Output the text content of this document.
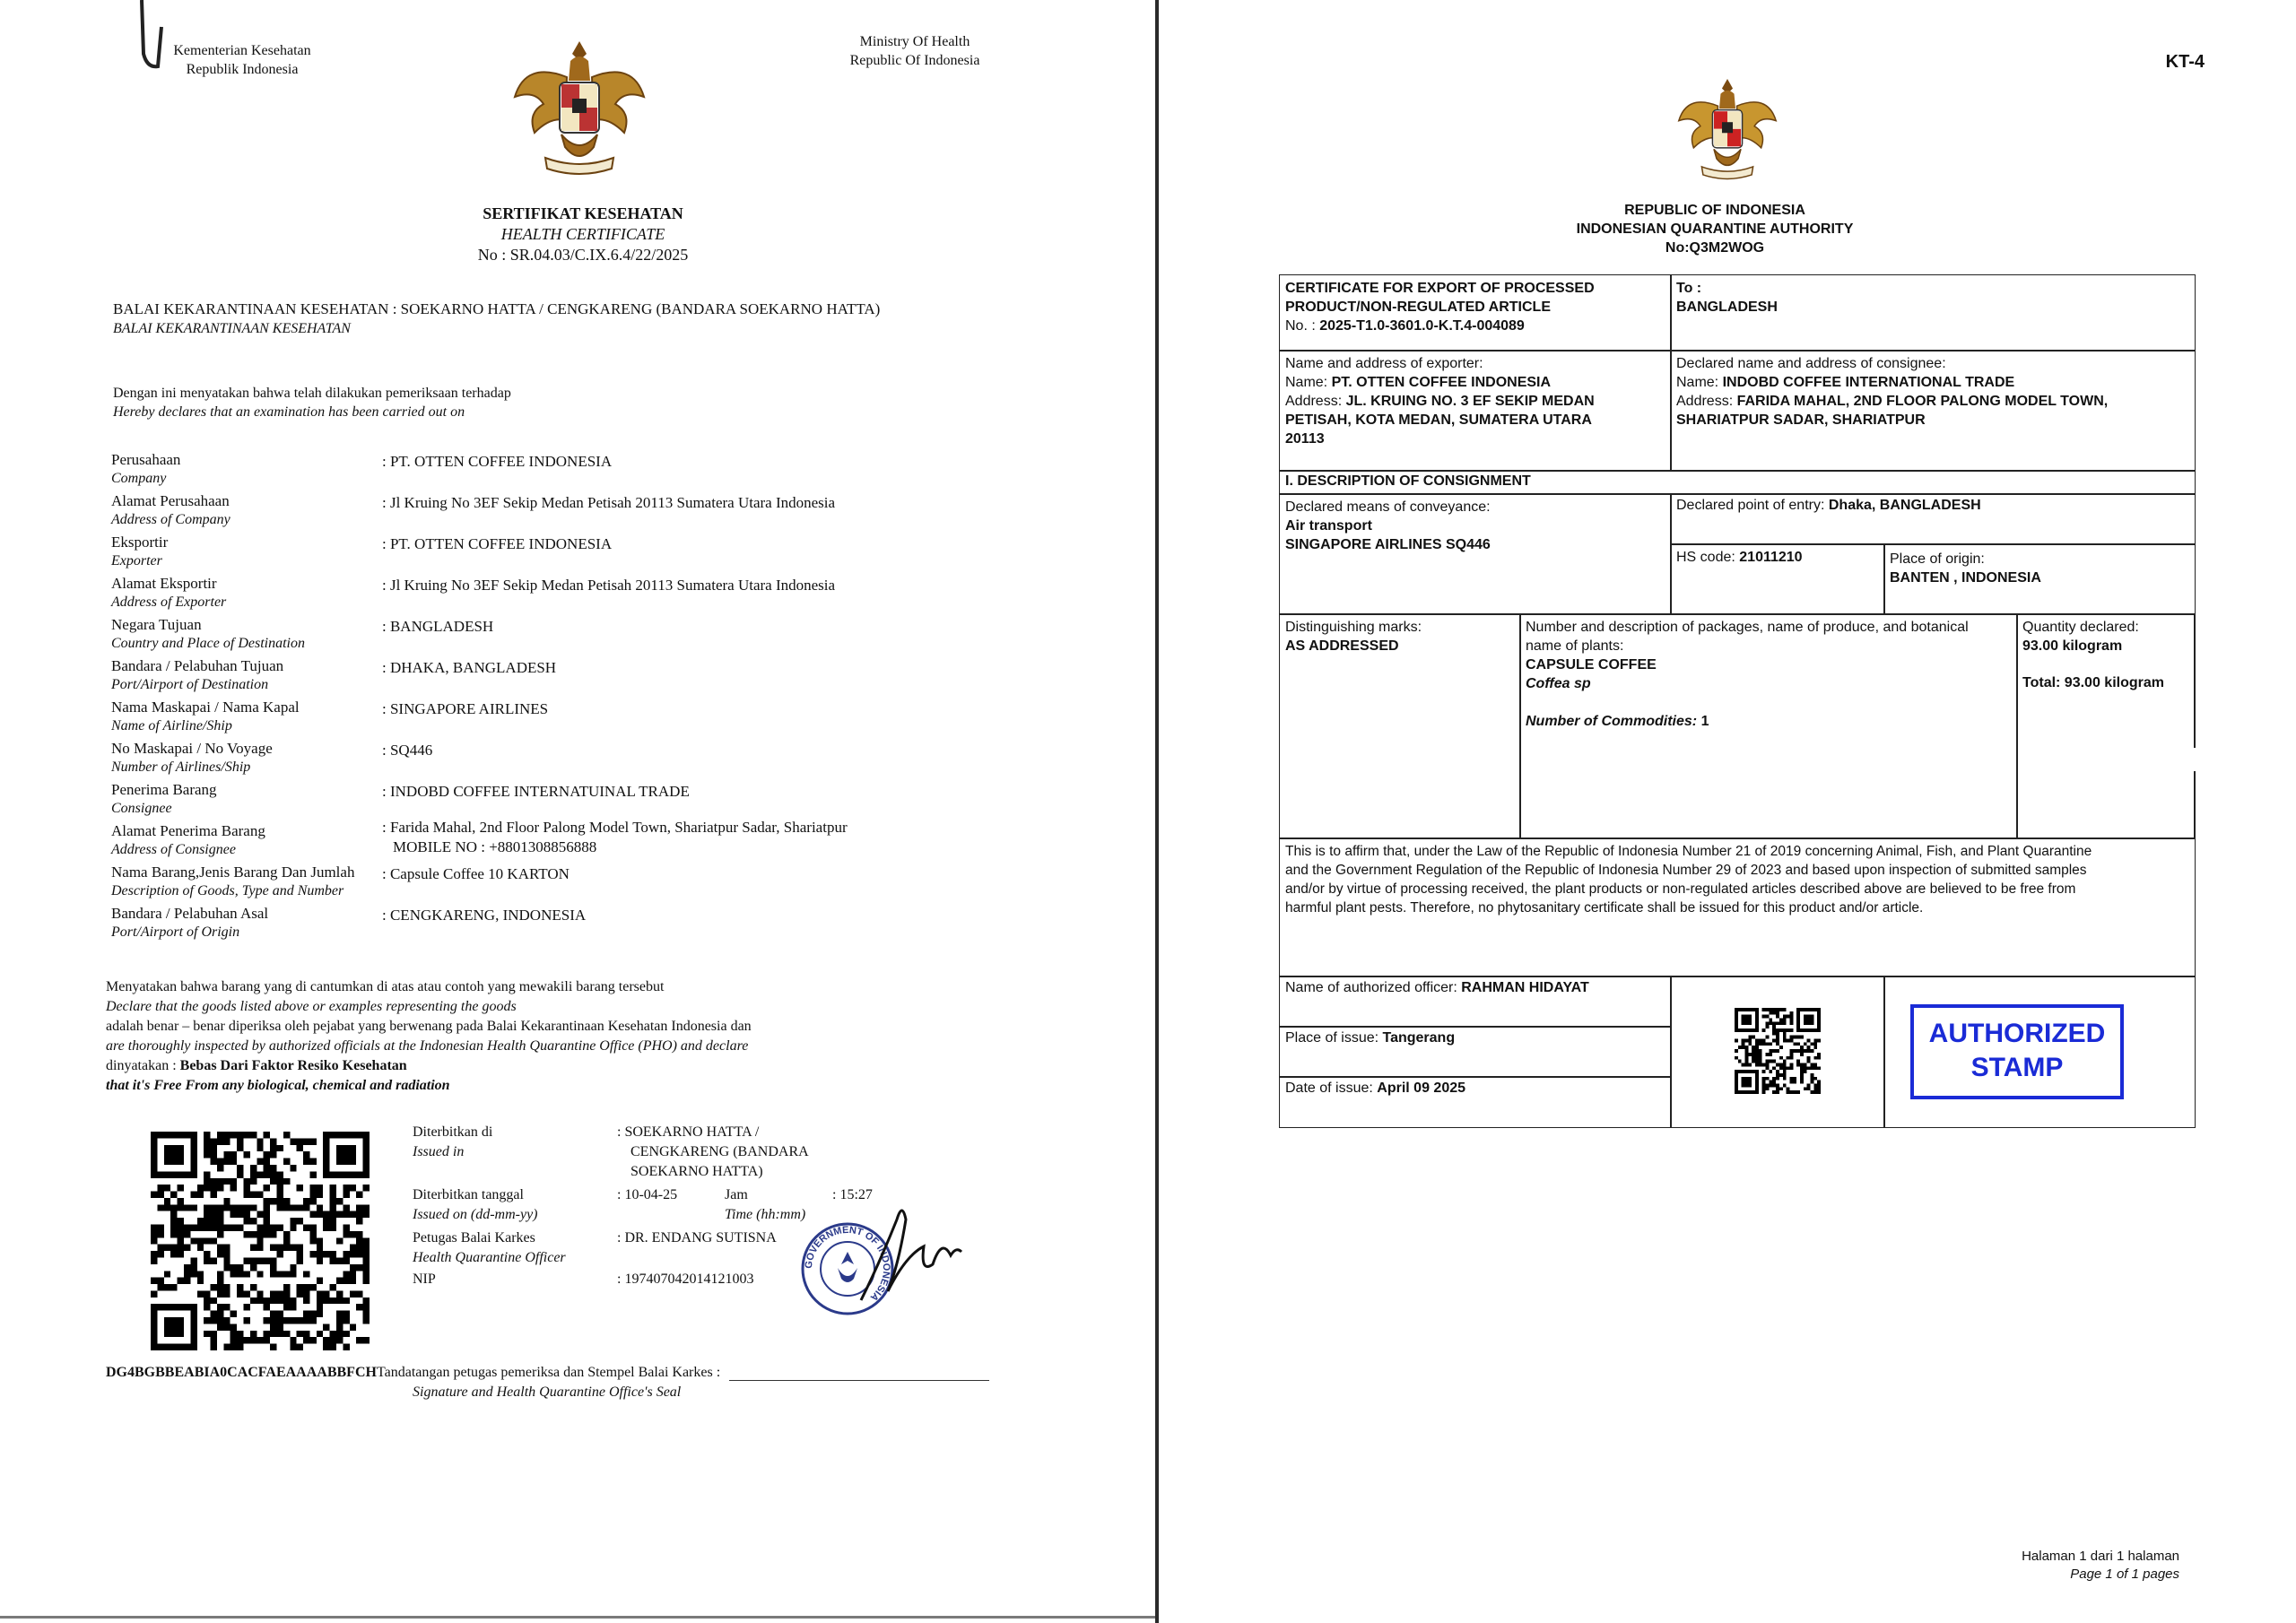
Kementerian Kesehatan
Republik Indonesia
Ministry Of Health
Republic Of Indonesia
SERTIFIKAT KESEHATAN
HEALTH CERTIFICATE
No : SR.04.03/C.IX.6.4/22/2025
BALAI KEKARANTINAAN KESEHATAN : SOEKARNO HATTA / CENGKARENG (BANDARA SOEKARNO HATTA)
BALAI KEKARANTINAAN KESEHATAN
Dengan ini menyatakan bahwa telah dilakukan pemeriksaan terhadap
Hereby declares that an examination has been carried out on
Perusahaan
Company
: PT. OTTEN COFFEE INDONESIA
Alamat Perusahaan
Address of Company
: Jl Kruing No 3EF Sekip Medan Petisah 20113 Sumatera Utara Indonesia
Eksportir
Exporter
: PT. OTTEN COFFEE INDONESIA
Alamat Eksportir
Address of Exporter
: Jl Kruing No 3EF Sekip Medan Petisah 20113 Sumatera Utara Indonesia
Negara Tujuan
Country and Place of Destination
: BANGLADESH
Bandara / Pelabuhan Tujuan
Port/Airport of Destination
: DHAKA, BANGLADESH
Nama Maskapai / Nama Kapal
Name of Airline/Ship
: SINGAPORE AIRLINES
No Maskapai / No Voyage
Number of Airlines/Ship
: SQ446
Penerima Barang
Consignee
: INDOBD COFFEE INTERNATUINAL TRADE
Alamat Penerima Barang
Address of Consignee
: Farida Mahal, 2nd Floor Palong Model Town, Shariatpur Sadar, Shariatpur
MOBILE NO : +8801308856888
Nama Barang,Jenis Barang Dan Jumlah
Description of Goods, Type and Number
: Capsule Coffee 10 KARTON
Bandara / Pelabuhan Asal
Port/Airport of Origin
: CENGKARENG, INDONESIA
Menyatakan bahwa barang yang di cantumkan di atas atau contoh yang mewakili barang tersebut
Declare that the goods listed above or examples representing the goods
adalah benar – benar diperiksa oleh pejabat yang berwenang pada Balai Kekarantinaan Kesehatan Indonesia dan
are thoroughly inspected by authorized officials at the Indonesian Health Quarantine Office (PHO) and declare
dinyatakan : Bebas Dari Faktor Resiko Kesehatan
that it's Free From any biological, chemical and radiation
Diterbitkan di
Issued in
: SOEKARNO HATTA /
CENGKARENG (BANDARA
SOEKARNO HATTA)
Diterbitkan tanggal
Issued on (dd-mm-yy)
: 10-04-25	Jam
Time (hh:mm)
: 15:27
Petugas Balai Karkes
Health Quarantine Officer
: DR. ENDANG SUTISNA
NIP	: 197407042014121003
GOVERNMENT OF INDONESIA
DG4BGBBEABIA0CACFAEAAAABBFCHTandatangan petugas pemeriksa dan Stempel Balai Karkes :
Signature and Health Quarantine Office's Seal
KT-4
REPUBLIC OF INDONESIA
INDONESIAN QUARANTINE AUTHORITY
No:Q3M2WOG
CERTIFICATE FOR EXPORT OF PROCESSED
PRODUCT/NON-REGULATED ARTICLE
No. : 2025-T1.0-3601.0-K.T.4-004089
To :
BANGLADESH
Name and address of exporter:
Name: PT. OTTEN COFFEE INDONESIA
Address: JL. KRUING NO. 3 EF SEKIP MEDAN
PETISAH, KOTA MEDAN, SUMATERA UTARA
20113
Declared name and address of consignee:
Name: INDOBD COFFEE INTERNATIONAL TRADE
Address: FARIDA MAHAL, 2ND FLOOR PALONG MODEL TOWN,
SHARIATPUR SADAR, SHARIATPUR
I. DESCRIPTION OF CONSIGNMENT
Declared means of conveyance:
Air transport
SINGAPORE AIRLINES SQ446
Declared point of entry: Dhaka, BANGLADESH
HS code: 21011210	Place of origin:
BANTEN , INDONESIA
Distinguishing marks:
AS ADDRESSED
Number and description of packages, name of produce, and botanical
name of plants:
CAPSULE COFFEE
Coffea sp
Number of Commodities: 1
Quantity declared:
93.00 kilogram
Total: 93.00 kilogram
This is to affirm that, under the Law of the Republic of Indonesia Number 21 of 2019 concerning Animal, Fish, and Plant Quarantine
and the Government Regulation of the Republic of Indonesia Number 29 of 2023 and based upon inspection of submitted samples
and/or by virtue of processing received, the plant products or non-regulated articles described above are believed to be free from
harmful plant pests. Therefore, no phytosanitary certificate shall be issued for this product and/or article.
Name of authorized officer: RAHMAN HIDAYAT
Place of issue: Tangerang
Date of issue: April 09 2025
Halaman 1 dari 1 halaman
Page 1 of 1 pages
AUTHORIZED
STAMP
